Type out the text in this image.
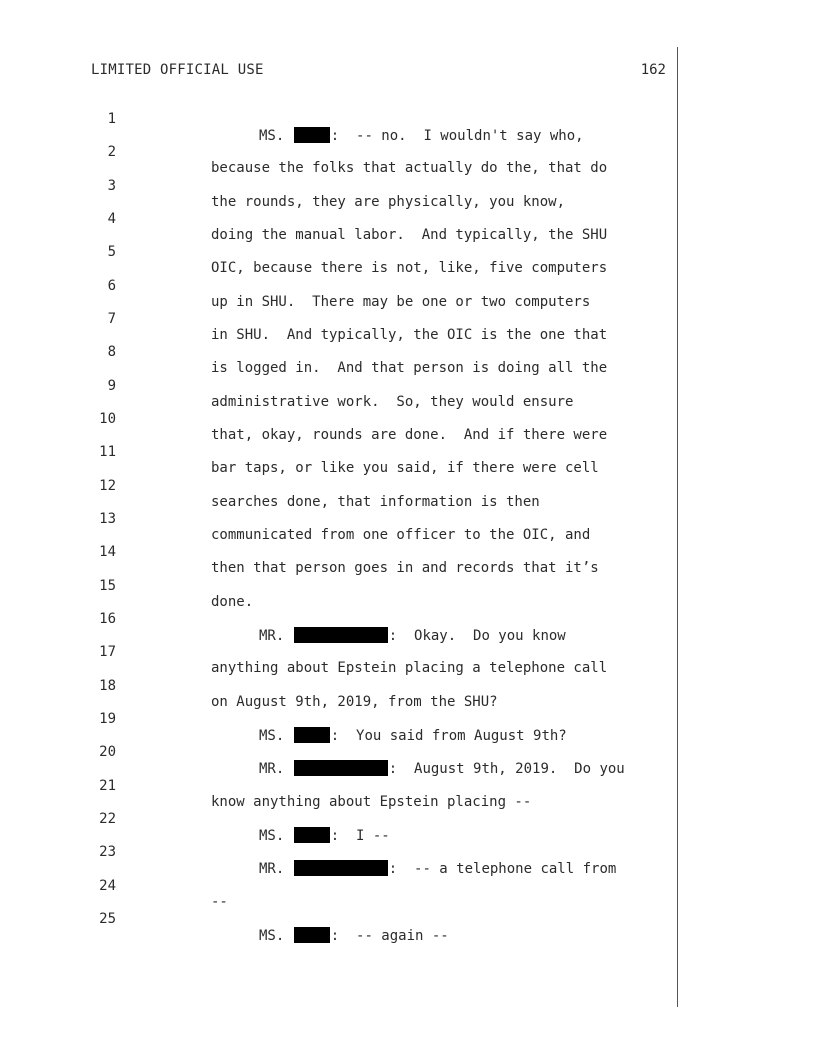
LIMITED OFFICIAL USE	162

1

MS.	:  -- no.  I wouldn't say who,

2

because the folks that actually do the, that do

3

the rounds, they are physically, you know,

4

doing the manual labor.  And typically, the SHU

5

OIC, because there is not, like, five computers

6

up in SHU.  There may be one or two computers

7

in SHU.  And typically, the OIC is the one that

8

is logged in.  And that person is doing all the

9

administrative work.  So, they would ensure

10

that, okay, rounds are done.  And if there were

11

bar taps, or like you said, if there were cell

12

searches done, that information is then

13

communicated from one officer to the OIC, and

14

then that person goes in and records that it’s

15

done.

16

MR.	:  Okay.  Do you know

17

anything about Epstein placing a telephone call

18

on August 9th, 2019, from the SHU?

19

MS.	:  You said from August 9th?

20

MR.	:  August 9th, 2019.  Do you

21

know anything about Epstein placing --

22

MS.	:  I --

23

MR.	:  -- a telephone call from

24

--

25

MS.	:  -- again --
